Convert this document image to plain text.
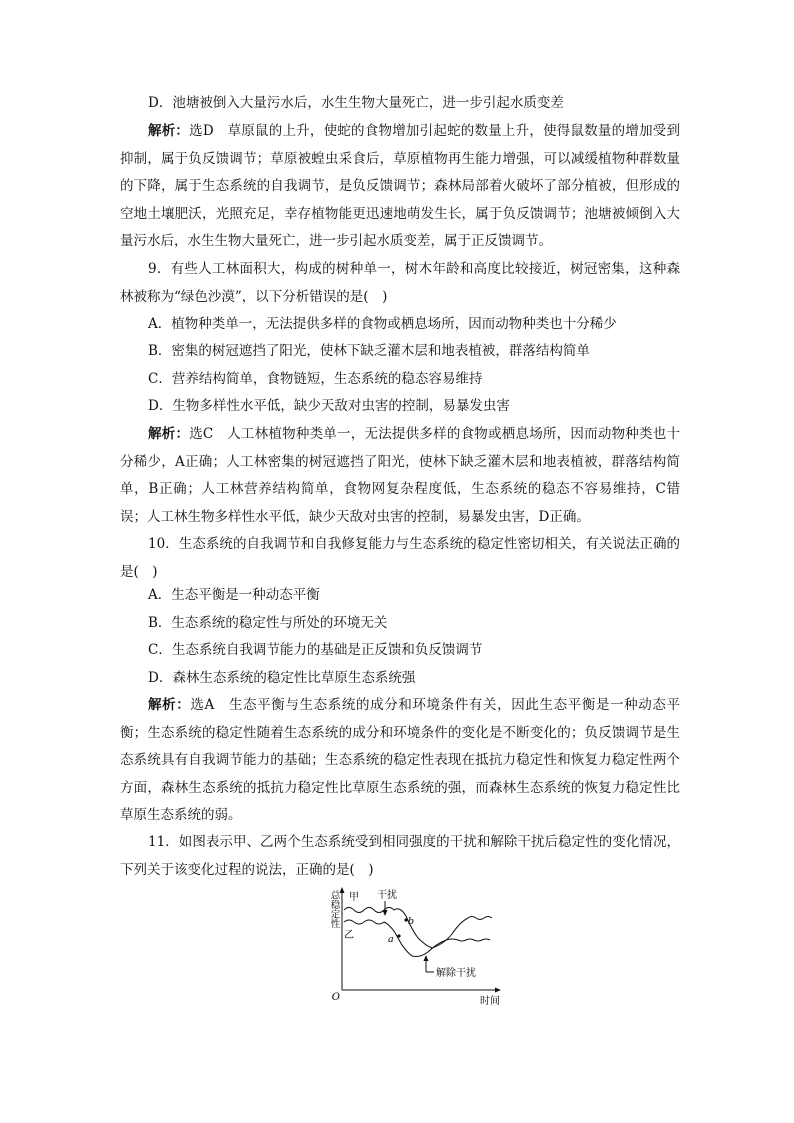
D．池塘被倒入大量污水后，水生生物大量死亡，进一步引起水质变差

解析：选D　草原鼠的上升，使蛇的食物增加引起蛇的数量上升，使得鼠数量的增加受到抑制，属于负反馈调节；草原被蝗虫采食后，草原植物再生能力增强，可以减缓植物种群数量的下降，属于生态系统的自我调节，是负反馈调节；森林局部着火破坏了部分植被，但形成的空地土壤肥沃，光照充足，幸存植物能更迅速地萌发生长，属于负反馈调节；池塘被倾倒入大量污水后，水生生物大量死亡，进一步引起水质变差，属于正反馈调节。

9．有些人工林面积大，构成的树种单一，树木年龄和高度比较接近，树冠密集，这种森林被称为“绿色沙漠”，以下分析错误的是(　)

A．植物种类单一，无法提供多样的食物或栖息场所，因而动物种类也十分稀少

B．密集的树冠遮挡了阳光，使林下缺乏灌木层和地表植被，群落结构简单

C．营养结构简单，食物链短，生态系统的稳态容易维持

D．生物多样性水平低，缺少天敌对虫害的控制，易暴发虫害

解析：选C　人工林植物种类单一，无法提供多样的食物或栖息场所，因而动物种类也十分稀少，A正确；人工林密集的树冠遮挡了阳光，使林下缺乏灌木层和地表植被，群落结构简单，B正确；人工林营养结构简单，食物网复杂程度低，生态系统的稳态不容易维持，C错误；人工林生物多样性水平低，缺少天敌对虫害的控制，易暴发虫害，D正确。

10．生态系统的自我调节和自我修复能力与生态系统的稳定性密切相关，有关说法正确的是(　)

A．生态平衡是一种动态平衡

B．生态系统的稳定性与所处的环境无关

C．生态系统自我调节能力的基础是正反馈和负反馈调节

D．森林生态系统的稳定性比草原生态系统强

解析：选A　生态平衡与生态系统的成分和环境条件有关，因此生态平衡是一种动态平衡；生态系统的稳定性随着生态系统的成分和环境条件的变化是不断变化的；负反馈调节是生态系统具有自我调节能力的基础；生态系统的稳定性表现在抵抗力稳定性和恢复力稳定性两个方面，森林生态系统的抵抗力稳定性比草原生态系统的强，而森林生态系统的恢复力稳定性比草原生态系统的弱。

11．如图表示甲、乙两个生态系统受到相同强度的干扰和解除干扰后稳定性的变化情况，下列关于该变化过程的说法，正确的是(　)

总稳定性
时间
O
甲
乙
干扰
a
b
解除干扰
